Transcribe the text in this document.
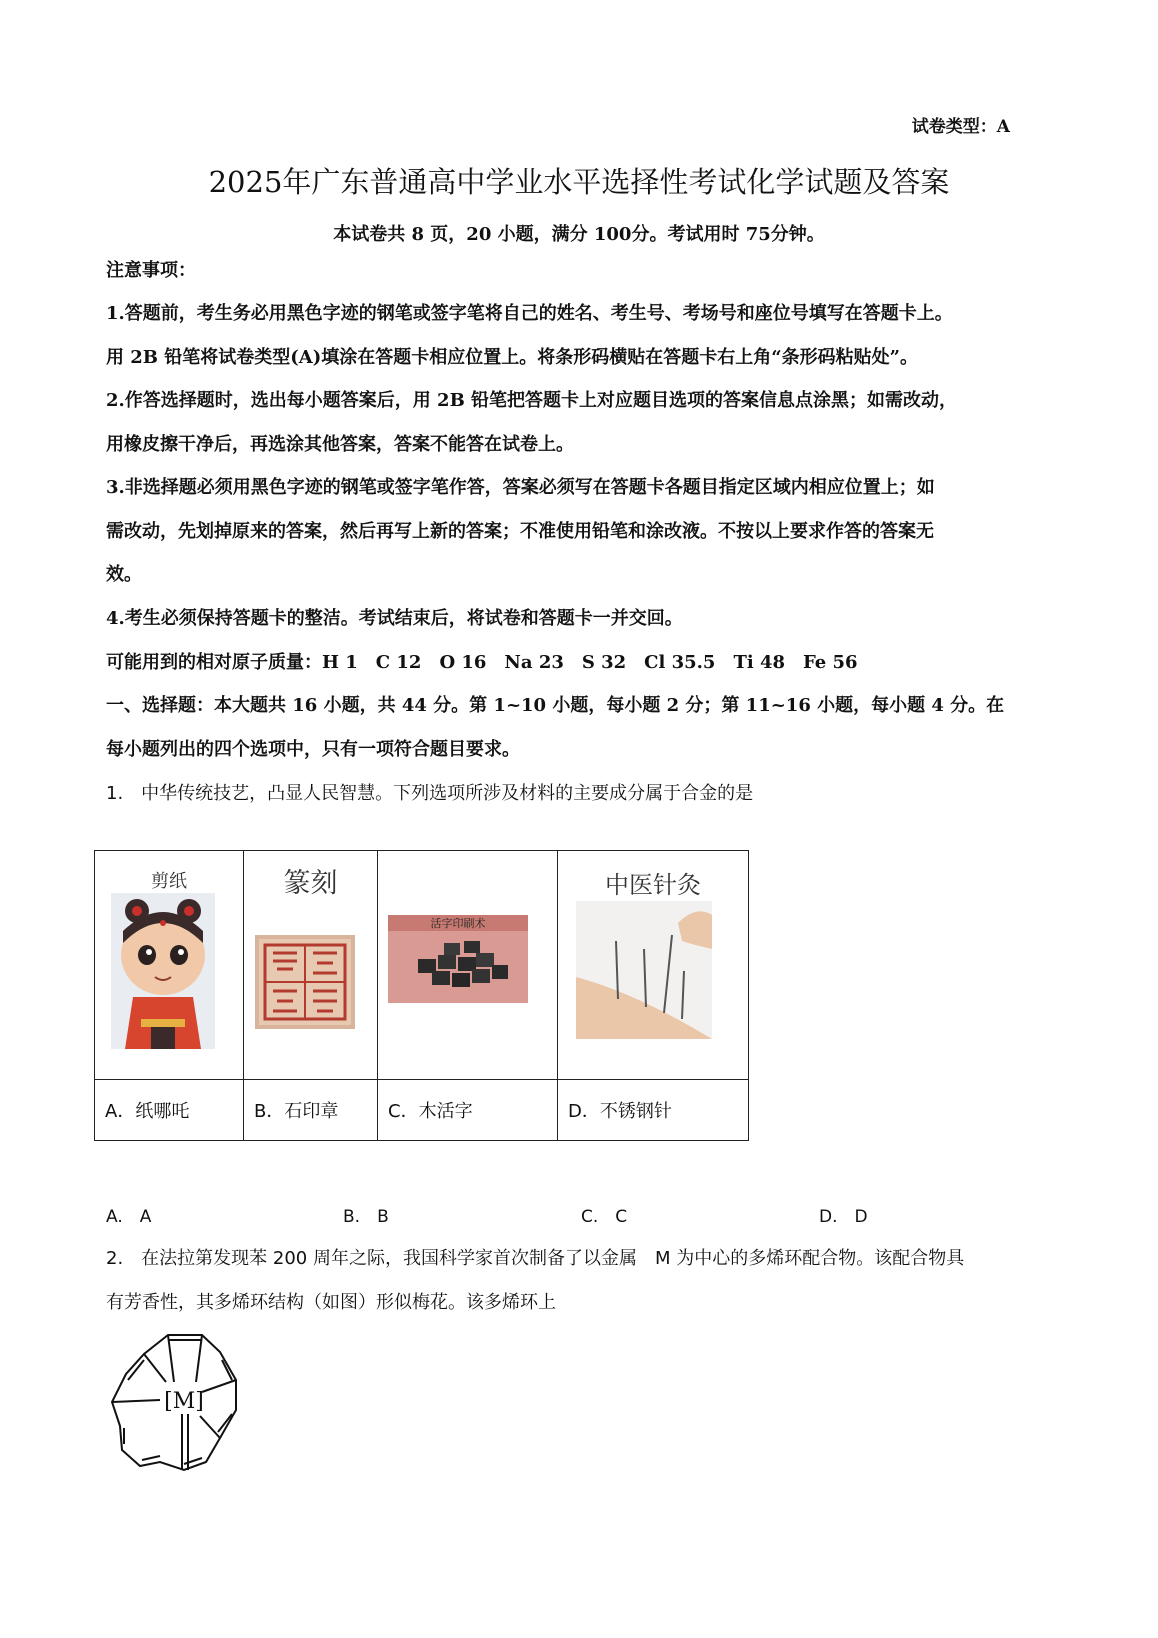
试卷类型：A
2025年广东普通高中学业水平选择性考试化学试题及答案
本试卷共 8 页，20 小题，满分 100分。考试用时 75分钟。
注意事项：
1.答题前，考生务必用黑色字迹的钢笔或签字笔将自己的姓名、考生号、考场号和座位号填写在答题卡上。
用 2B 铅笔将试卷类型(A)填涂在答题卡相应位置上。将条形码横贴在答题卡右上角“条形码粘贴处”。
2.作答选择题时，选出每小题答案后，用 2B 铅笔把答题卡上对应题目选项的答案信息点涂黑；如需改动，
用橡皮擦干净后，再选涂其他答案，答案不能答在试卷上。
3.非选择题必须用黑色字迹的钢笔或签字笔作答，答案必须写在答题卡各题目指定区域内相应位置上；如
需改动，先划掉原来的答案，然后再写上新的答案；不准使用铅笔和涂改液。不按以上要求作答的答案无
效。
4.考生必须保持答题卡的整洁。考试结束后，将试卷和答题卡一并交回。
可能用到的相对原子质量：H 1　C 12　O 16　Na 23　S 32　Cl 35.5　Ti 48　Fe 56
一、选择题：本大题共 16 小题，共 44 分。第 1~10 小题，每小题 2 分；第 11~16 小题，每小题 4 分。在
每小题列出的四个选项中，只有一项符合题目要求。
1.　中华传统技艺，凸显人民智慧。下列选项所涉及材料的主要成分属于合金的是
剪纸	篆刻	活字印刷术	中医针灸

A．纸哪吒	B．石印章	C．木活字	D．不锈钢针
A.　A	B.　B	C.　C	D.　D
2.　在法拉第发现苯 200 周年之际，我国科学家首次制备了以金属　M 为中心的多烯环配合物。该配合物具
有芳香性，其多烯环结构（如图）形似梅花。该多烯环上
[M]
